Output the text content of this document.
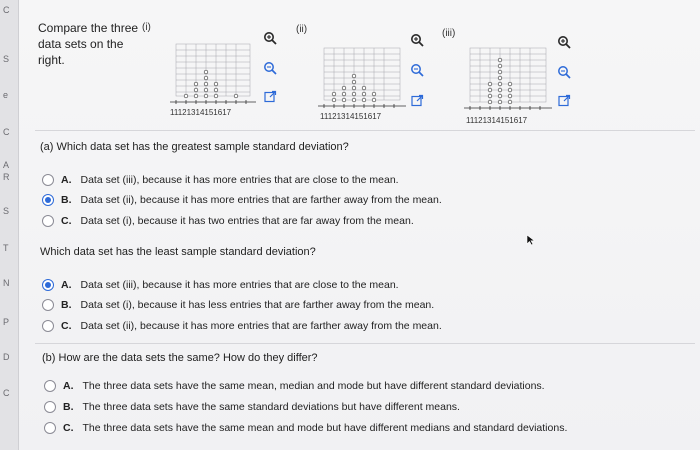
C
S
e
C
A
R
S
T
N
P
D
C
Compare the three data sets on the right.
(i)	(ii)	(iii)
11121314151617	11121314151617	11121314151617
(a) Which data set has the greatest sample standard deviation?
A. Data set (iii), because it has more entries that are close to the mean.
B. Data set (ii), because it has more entries that are farther away from the mean.
C. Data set (i), because it has two entries that are far away from the mean.
Which data set has the least sample standard deviation?
A. Data set (iii), because it has more entries that are close to the mean.
B. Data set (i), because it has less entries that are farther away from the mean.
C. Data set (ii), because it has more entries that are farther away from the mean.
(b) How are the data sets the same? How do they differ?
A. The three data sets have the same mean, median and mode but have different standard deviations.
B. The three data sets have the same standard deviations but have different means.
C. The three data sets have the same mean and mode but have different medians and standard deviations.
